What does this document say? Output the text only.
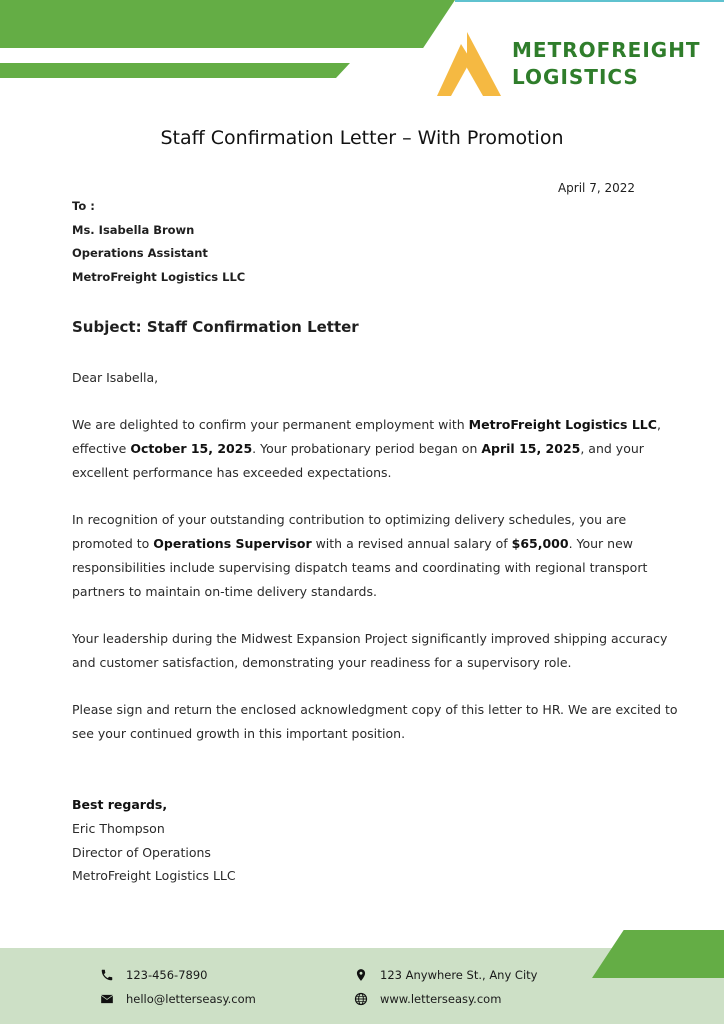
METROFREIGHT
LOGISTICS
Staff Confirmation Letter – With Promotion
April 7, 2022
To :
Ms. Isabella Brown
Operations Assistant
MetroFreight Logistics LLC
Subject: Staff Confirmation Letter

Dear Isabella,

We are delighted to confirm your permanent employment with MetroFreight Logistics LLC, effective October 15, 2025. Your probationary period began on April 15, 2025, and your excellent performance has exceeded expectations.

In recognition of your outstanding contribution to optimizing delivery schedules, you are promoted to Operations Supervisor with a revised annual salary of $65,000. Your new responsibilities include supervising dispatch teams and coordinating with regional transport partners to maintain on-time delivery standards.

Your leadership during the Midwest Expansion Project significantly improved shipping accuracy and customer satisfaction, demonstrating your readiness for a supervisory role.

Please sign and return the enclosed acknowledgment copy of this letter to HR. We are excited to see your continued growth in this important position.

Best regards,
Eric Thompson
Director of Operations
MetroFreight Logistics LLC
123-456-7890
hello@letterseasy.com
123 Anywhere St., Any City
www.letterseasy.com
